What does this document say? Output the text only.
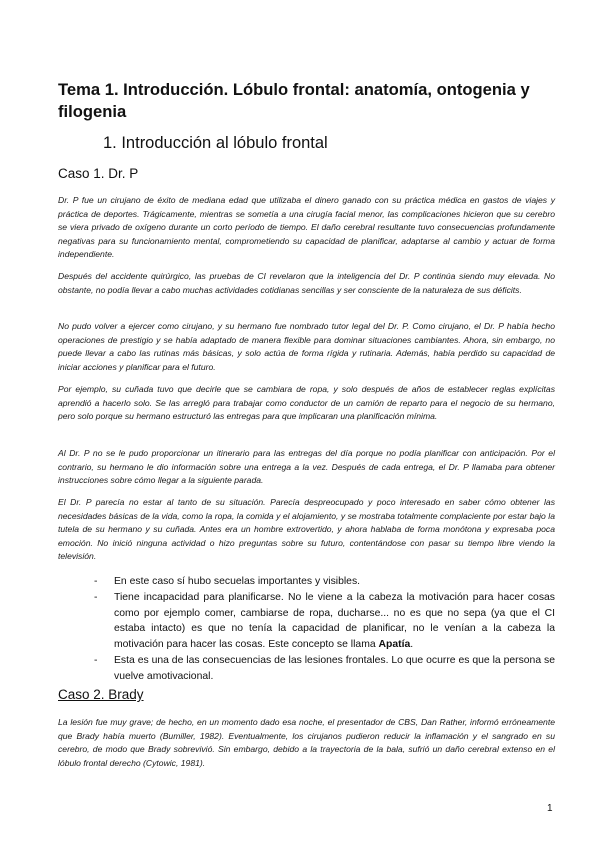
Tema 1. Introducción. Lóbulo frontal: anatomía, ontogenia y filogenia
1. Introducción al lóbulo frontal
Caso 1. Dr. P

Dr. P fue un cirujano de éxito de mediana edad que utilizaba el dinero ganado con su práctica médica en gastos de viajes y práctica de deportes. Trágicamente, mientras se sometía a una cirugía facial menor, las complicaciones hicieron que su cerebro se viera privado de oxígeno durante un corto período de tiempo. El daño cerebral resultante tuvo consecuencias profundamente negativas para su funcionamiento mental, comprometiendo su capacidad de planificar, adaptarse al cambio y actuar de forma independiente.

Después del accidente quirúrgico, las pruebas de CI revelaron que la inteligencia del Dr. P continúa siendo muy elevada. No obstante, no podía llevar a cabo muchas actividades cotidianas sencillas y ser consciente de la naturaleza de sus déficits.

No pudo volver a ejercer como cirujano, y su hermano fue nombrado tutor legal del Dr. P. Como cirujano, el Dr. P había hecho operaciones de prestigio y se había adaptado de manera flexible para dominar situaciones cambiantes. Ahora, sin embargo, no puede llevar a cabo las rutinas más básicas, y solo actúa de forma rígida y rutinaria. Además, había perdido su capacidad de iniciar acciones y planificar para el futuro.

Por ejemplo, su cuñada tuvo que decirle que se cambiara de ropa, y solo después de años de establecer reglas explícitas aprendió a hacerlo solo. Se las arregló para trabajar como conductor de un camión de reparto para el negocio de su hermano, pero solo porque su hermano estructuró las entregas para que implicaran una planificación mínima.

Al Dr. P no se le pudo proporcionar un itinerario para las entregas del día porque no podía planificar con anticipación. Por el contrario, su hermano le dio información sobre una entrega a la vez. Después de cada entrega, el Dr. P llamaba para obtener instrucciones sobre cómo llegar a la siguiente parada.

El Dr. P parecía no estar al tanto de su situación. Parecía despreocupado y poco interesado en saber cómo obtener las necesidades básicas de la vida, como la ropa, la comida y el alojamiento, y se mostraba totalmente complaciente por estar bajo la tutela de su hermano y su cuñada. Antes era un hombre extrovertido, y ahora hablaba de forma monótona y expresaba poca emoción. No inició ninguna actividad o hizo preguntas sobre su futuro, contentándose con pasar su tiempo libre viendo la televisión.

- En este caso sí hubo secuelas importantes y visibles.
- Tiene incapacidad para planificarse. No le viene a la cabeza la motivación para hacer cosas como por ejemplo comer, cambiarse de ropa, ducharse... no es que no sepa (ya que el CI estaba intacto) es que no tenía la capacidad de planificar, no le venían a la cabeza la motivación para hacer las cosas. Este concepto se llama Apatía.
- Esta es una de las consecuencias de las lesiones frontales. Lo que ocurre es que la persona se vuelve amotivacional.
Caso 2. Brady

La lesión fue muy grave; de hecho, en un momento dado esa noche, el presentador de CBS, Dan Rather, informó erróneamente que Brady había muerto (Bumiller, 1982). Eventualmente, los cirujanos pudieron reducir la inflamación y el sangrado en su cerebro, de modo que Brady sobrevivió. Sin embargo, debido a la trayectoria de la bala, sufrió un daño cerebral extenso en el lóbulo frontal derecho (Cytowic, 1981).

1
